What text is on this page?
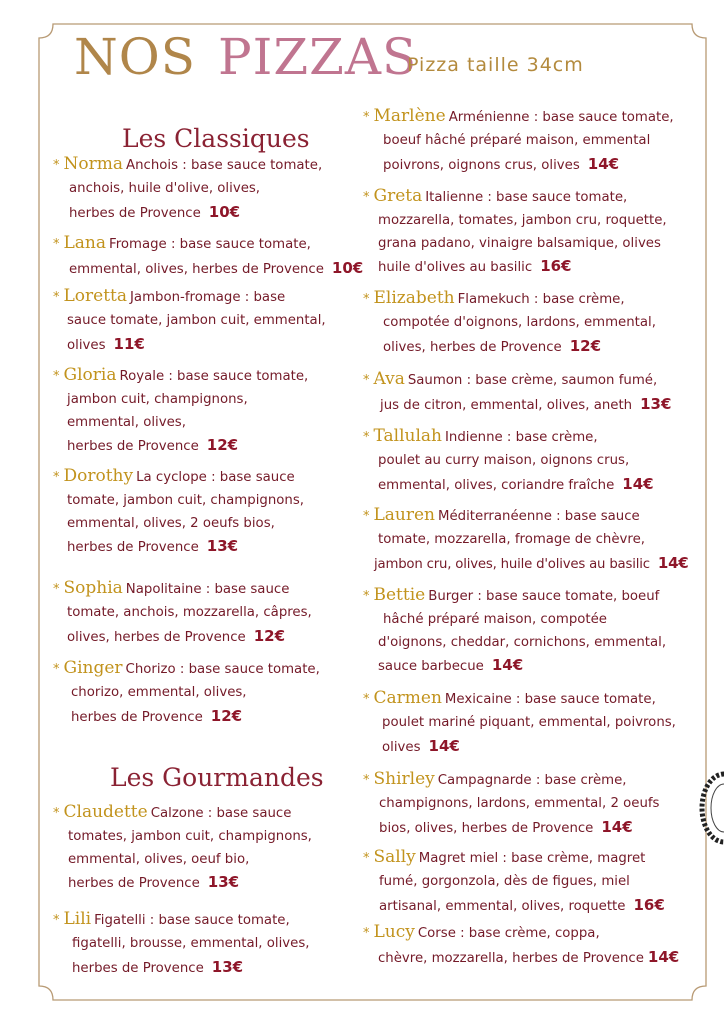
NOS PIZZAS
Pizza taille 34cm
Les Classiques
Les Gourmandes

* Norma Anchois : base sauce tomate,

anchois, huile d'olive, olives,

herbes de Provence 10€

* Lana Fromage : base sauce tomate,

emmental, olives, herbes de Provence 10€

* Loretta Jambon-fromage : base

sauce tomate, jambon cuit, emmental,

olives 11€

* Gloria Royale : base sauce tomate,

jambon cuit, champignons,

emmental, olives,

herbes de Provence 12€

* Dorothy La cyclope : base sauce

tomate, jambon cuit, champignons,

emmental, olives, 2 oeufs bios,

herbes de Provence 13€

* Sophia Napolitaine : base sauce

tomate, anchois, mozzarella, câpres,

olives, herbes de Provence 12€

* Ginger Chorizo : base sauce tomate,

chorizo, emmental, olives,

herbes de Provence 12€

* Claudette Calzone : base sauce

tomates, jambon cuit, champignons,

emmental, olives, oeuf bio,

herbes de Provence 13€

* Lili Figatelli : base sauce tomate,

figatelli, brousse, emmental, olives,

herbes de Provence 13€

* Marlène Arménienne : base sauce tomate,

boeuf hâché préparé maison, emmental

poivrons, oignons crus, olives 14€

* Greta Italienne : base sauce tomate,

mozzarella, tomates, jambon cru, roquette,

grana padano, vinaigre balsamique, olives

huile d'olives au basilic 16€

* Elizabeth Flamekuch : base crème,

compotée d'oignons, lardons, emmental,

olives, herbes de Provence 12€

* Ava Saumon : base crème, saumon fumé,

jus de citron, emmental, olives, aneth 13€

* Tallulah Indienne : base crème,

poulet au curry maison, oignons crus,

emmental, olives, coriandre fraîche 14€

* Lauren Méditerranéenne : base sauce

tomate, mozzarella, fromage de chèvre,

jambon cru, olives, huile d'olives au basilic 14€

* Bettie Burger : base sauce tomate, boeuf

hâché préparé maison, compotée

d'oignons, cheddar, cornichons, emmental,

sauce barbecue 14€

* Carmen Mexicaine : base sauce tomate,

poulet mariné piquant, emmental, poivrons,

olives 14€

* Shirley Campagnarde : base crème,

champignons, lardons, emmental, 2 oeufs

bios, olives, herbes de Provence 14€

* Sally Magret miel : base crème, magret

fumé, gorgonzola, dès de figues, miel

artisanal, emmental, olives, roquette 16€

* Lucy Corse : base crème, coppa,

chèvre, mozzarella, herbes de Provence 14€
